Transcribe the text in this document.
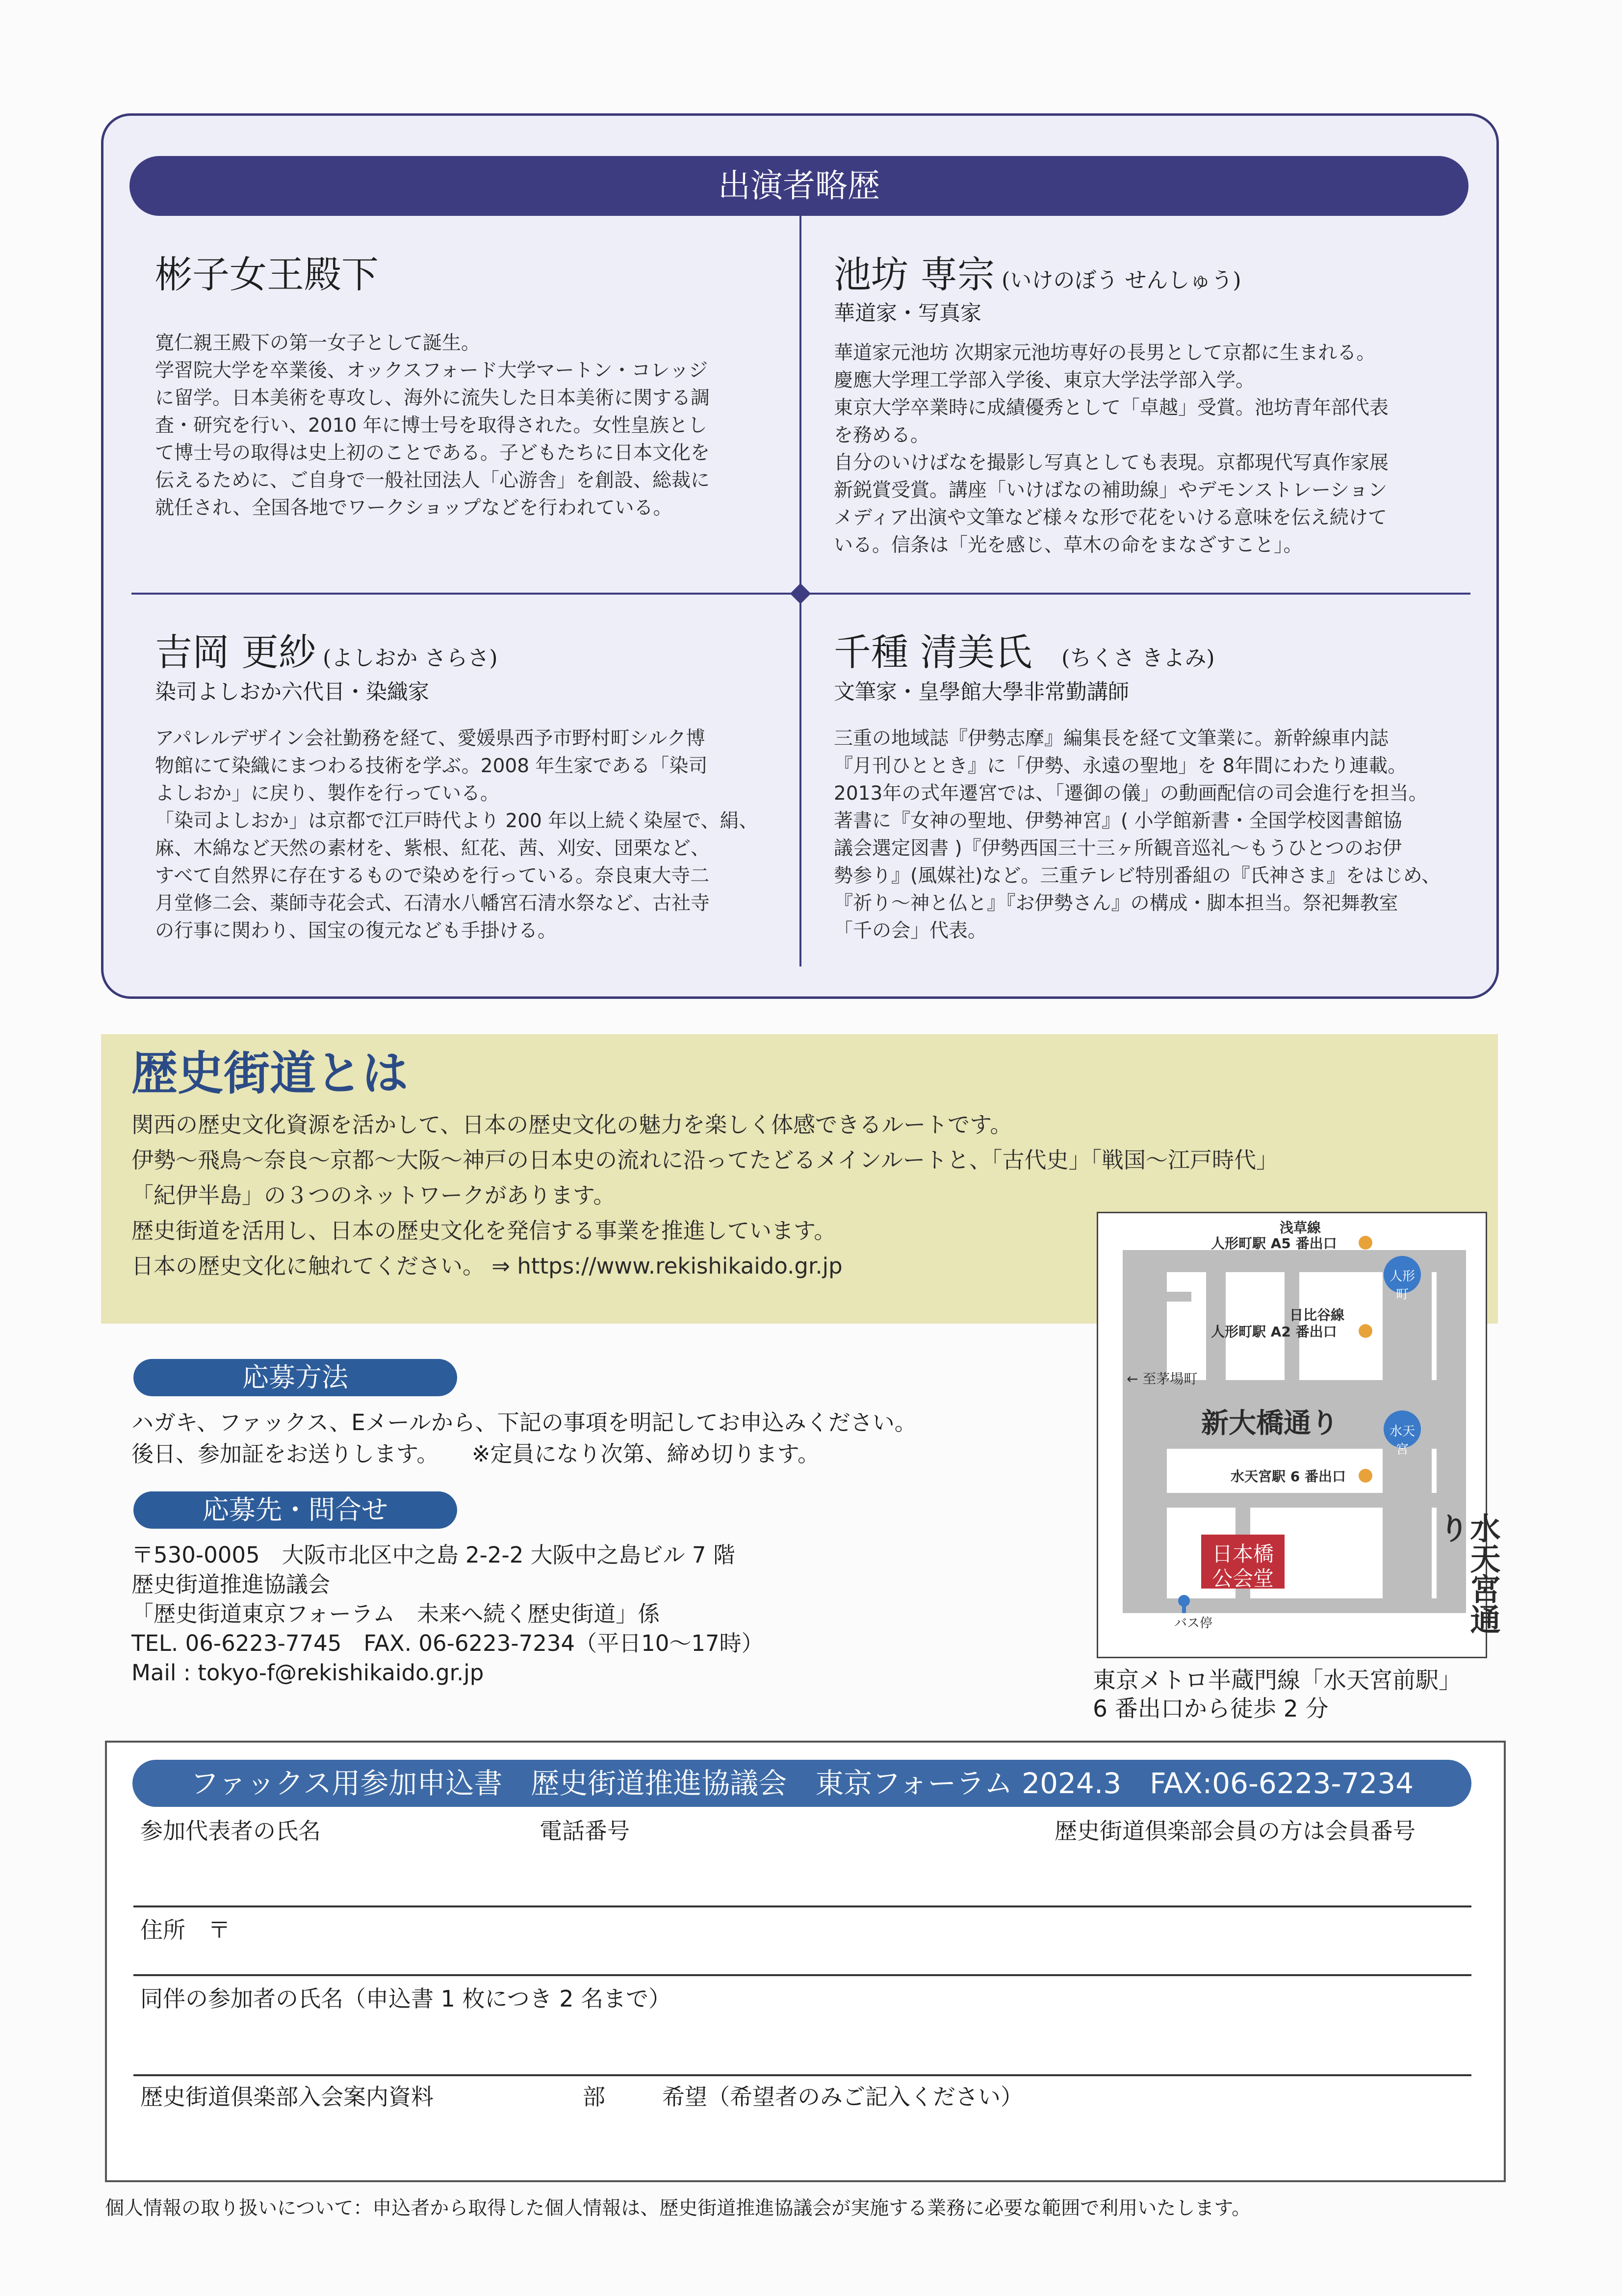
出演者略歴
彬子女王殿下
寛仁親王殿下の第一女子として誕生。
学習院大学を卒業後、オックスフォード大学マートン・コレッジ
に留学。日本美術を専攻し、海外に流失した日本美術に関する調
査・研究を行い、2010 年に博士号を取得された。女性皇族とし
て博士号の取得は史上初のことである。子どもたちに日本文化を
伝えるために、ご自身で一般社団法人「心游舎」を創設、総裁に
就任され、全国各地でワークショップなどを行われている。
池坊 専宗 (いけのぼう せんしゅう)
華道家・写真家
華道家元池坊 次期家元池坊専好の長男として京都に生まれる。
慶應大学理工学部入学後、東京大学法学部入学。
東京大学卒業時に成績優秀として「卓越」受賞。池坊青年部代表
を務める。
自分のいけばなを撮影し写真としても表現。京都現代写真作家展
新鋭賞受賞。講座「いけばなの補助線」やデモンストレーション
メディア出演や文筆など様々な形で花をいける意味を伝え続けて
いる。信条は「光を感じ、草木の命をまなざすこと」。
吉岡 更紗 (よしおか さらさ)
染司よしおか六代目・染織家
アパレルデザイン会社勤務を経て、愛媛県西予市野村町シルク博
物館にて染織にまつわる技術を学ぶ。2008 年生家である「染司
よしおか」に戻り、製作を行っている。
「染司よしおか」は京都で江戸時代より 200 年以上続く染屋で、絹、
麻、木綿など天然の素材を、紫根、紅花、茜、刈安、団栗など、
すべて自然界に存在するもので染めを行っている。奈良東大寺二
月堂修二会、薬師寺花会式、石清水八幡宮石清水祭など、古社寺
の行事に関わり、国宝の復元なども手掛ける。
千種 清美氏 (ちくさ きよみ)
文筆家・皇學館大學非常勤講師
三重の地域誌『伊勢志摩』編集長を経て文筆業に。新幹線車内誌
『月刊ひととき』に「伊勢、永遠の聖地」を 8年間にわたり連載。
2013年の式年遷宮では、「遷御の儀」の動画配信の司会進行を担当。
著書に『女神の聖地、伊勢神宮』( 小学館新書・全国学校図書館協
議会選定図書 )『伊勢西国三十三ヶ所観音巡礼～もうひとつのお伊
勢参り』(風媒社)など。三重テレビ特別番組の『氏神さま』をはじめ、
『祈り～神と仏と』『お伊勢さん』の構成・脚本担当。祭祀舞教室
「千の会」代表。
歴史街道とは
関西の歴史文化資源を活かして、日本の歴史文化の魅力を楽しく体感できるルートです。
伊勢～飛鳥～奈良～京都～大阪～神戸の日本史の流れに沿ってたどるメインルートと、「古代史」「戦国～江戸時代」
「紀伊半島」の３つのネットワークがあります。
歴史街道を活用し、日本の歴史文化を発信する事業を推進しています。
日本の歴史文化に触れてください。 ⇒ https://www.rekishikaido.gr.jp
浅草線
人形町駅 A5 番出口
人形町
日比谷線
人形町駅 A2 番出口
← 至茅場町
新大橋通り	水天宮
水天宮駅 6 番出口
水天宮通り
日本橋
公会堂
バス停
東京メトロ半蔵門線「水天宮前駅」
6 番出口から徒歩 2 分
応募方法
ハガキ、ファックス、Eメールから、下記の事項を明記してお申込みください。
後日、参加証をお送りします。　　※定員になり次第、締め切ります。
応募先・問合せ
〒530-0005　大阪市北区中之島 2-2-2 大阪中之島ビル 7 階
歴史街道推進協議会
「歴史街道東京フォーラム　未来へ続く歴史街道」係
TEL. 06-6223-7745　FAX. 06-6223-7234（平日10～17時）
Mail : tokyo-f@rekishikaido.gr.jp
ファックス用参加申込書　歴史街道推進協議会　東京フォーラム 2024.3　FAX:06-6223-7234
参加代表者の氏名	電話番号	歴史街道倶楽部会員の方は会員番号
住所　〒
同伴の参加者の氏名（申込書 1 枚につき 2 名まで）
歴史街道倶楽部入会案内資料	部	希望（希望者のみご記入ください）
個人情報の取り扱いについて：申込者から取得した個人情報は、歴史街道推進協議会が実施する業務に必要な範囲で利用いたします。
